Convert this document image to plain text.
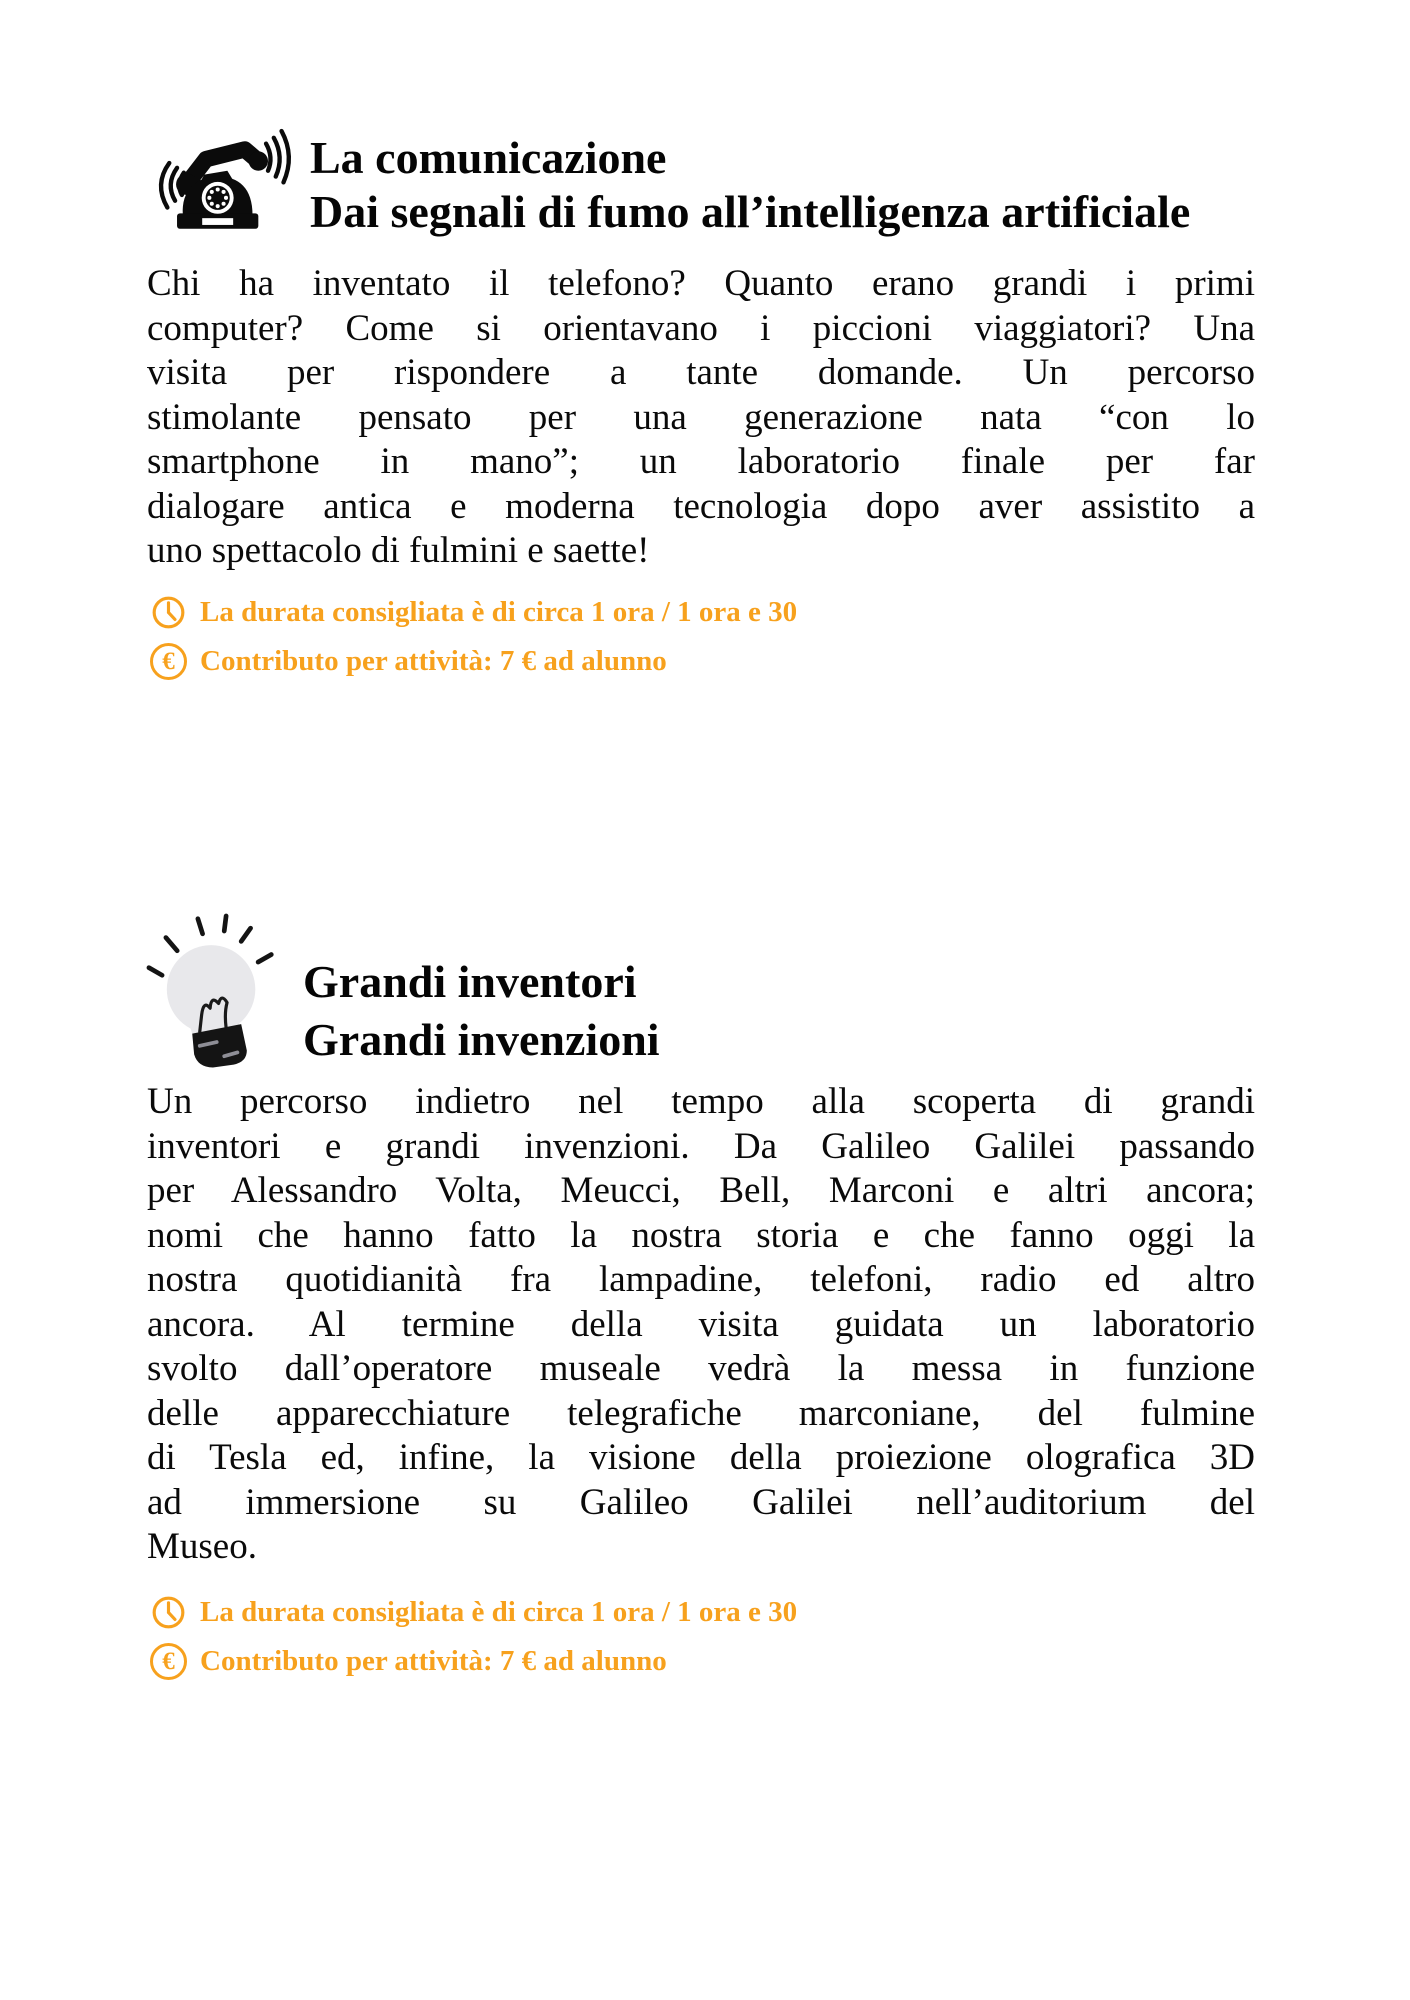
La comunicazione
Dai segnali di fumo all’intelligenza artificiale
Chi ha inventato il telefono? Quanto erano grandi i primi
computer? Come si orientavano i piccioni viaggiatori? Una
visita per rispondere a tante domande. Un percorso
stimolante pensato per una generazione nata “con lo
smartphone in mano”; un laboratorio finale per far
dialogare antica e moderna tecnologia dopo aver assistito a
uno spettacolo di fulmini e saette!
La durata consigliata è di circa 1 ora / 1 ora e 30
€ Contributo per attività: 7 € ad alunno
Grandi inventori
Grandi invenzioni
Un percorso indietro nel tempo alla scoperta di grandi
inventori e grandi invenzioni. Da Galileo Galilei passando
per Alessandro Volta, Meucci, Bell, Marconi e altri ancora;
nomi che hanno fatto la nostra storia e che fanno oggi la
nostra quotidianità fra lampadine, telefoni, radio ed altro
ancora. Al termine della visita guidata un laboratorio
svolto dall’operatore museale vedrà la messa in funzione
delle apparecchiature telegrafiche marconiane, del fulmine
di Tesla ed, infine, la visione della proiezione olografica 3D
ad immersione su Galileo Galilei nell’auditorium del
Museo.
La durata consigliata è di circa 1 ora / 1 ora e 30
€ Contributo per attività: 7 € ad alunno
